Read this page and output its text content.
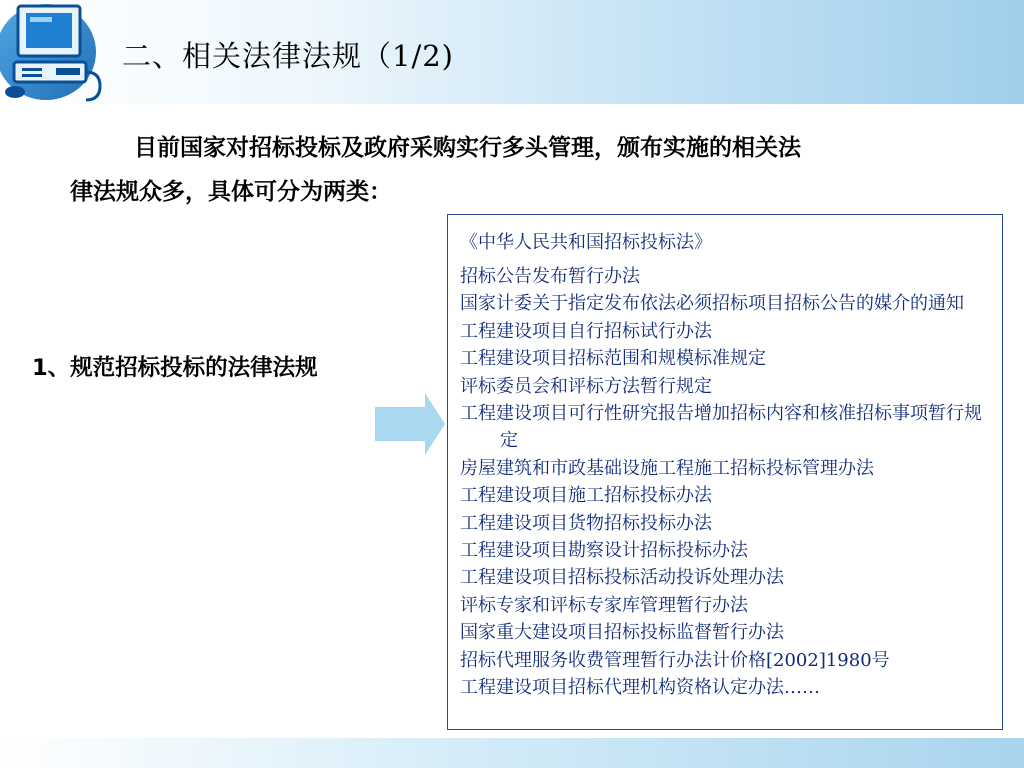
二、相关法律法规（1/2)

目前国家对招标投标及政府采购实行多头管理，颁布实施的相关法

律法规众多，具体可分为两类：

1、规范招标投标的法律法规
《中华人民共和国招标投标法》
招标公告发布暂行办法
国家计委关于指定发布依法必须招标项目招标公告的媒介的通知
工程建设项目自行招标试行办法
工程建设项目招标范围和规模标准规定
评标委员会和评标方法暂行规定
工程建设项目可行性研究报告增加招标内容和核准招标事项暂行规定
房屋建筑和市政基础设施工程施工招标投标管理办法
工程建设项目施工招标投标办法
工程建设项目货物招标投标办法
工程建设项目勘察设计招标投标办法
工程建设项目招标投标活动投诉处理办法
评标专家和评标专家库管理暂行办法
国家重大建设项目招标投标监督暂行办法
招标代理服务收费管理暂行办法计价格[2002]1980号
工程建设项目招标代理机构资格认定办法……
